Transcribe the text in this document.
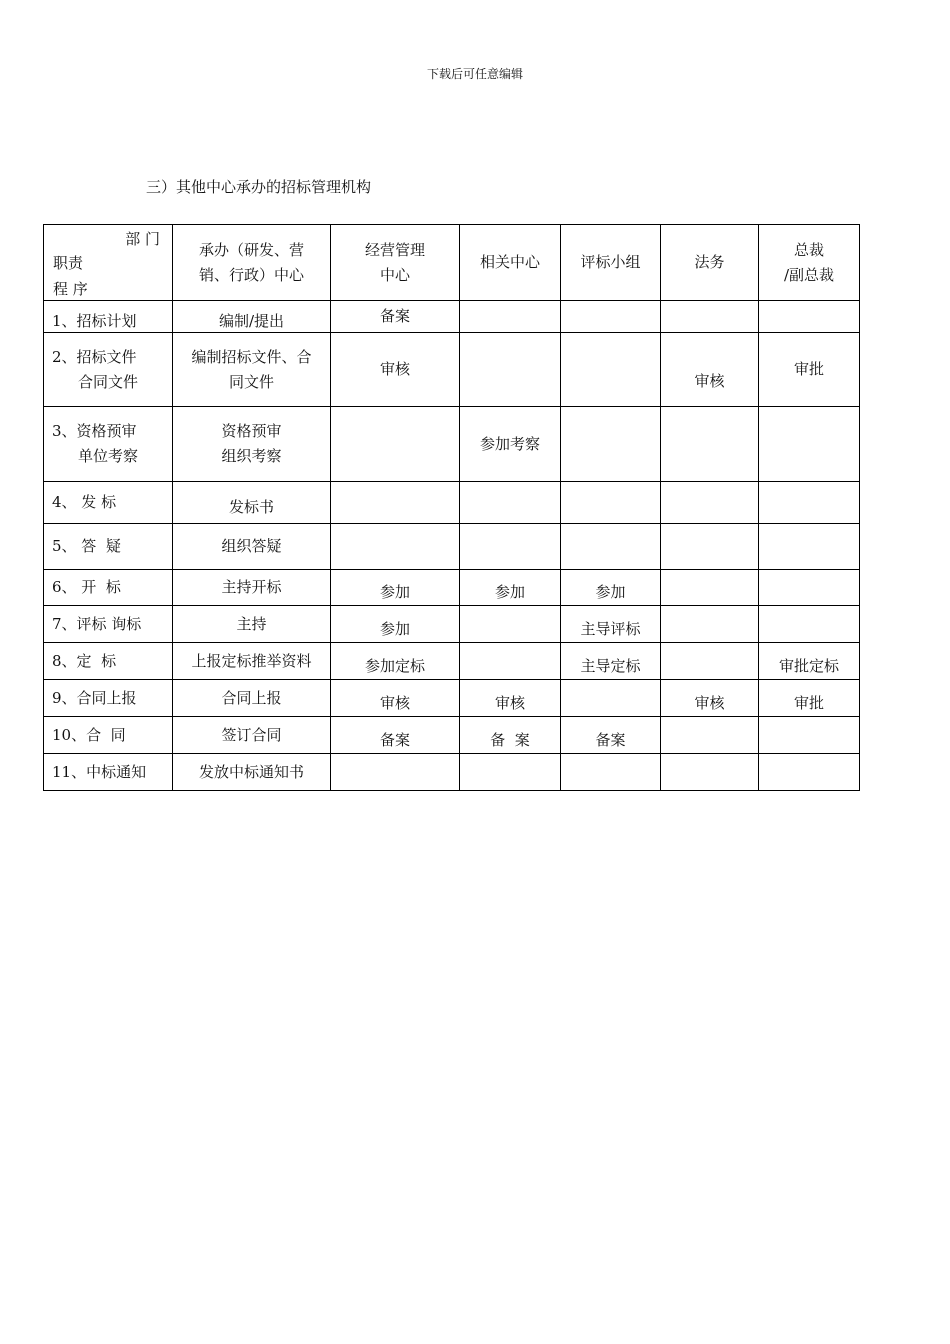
下载后可任意编辑
三）其他中心承办的招标管理机构
部 门
职责
程 序	承办（研发、营
销、行政）中心	经营管理
中心	相关中心	评标小组	法务	总裁
/副总裁

1、招标计划	编制/提出	备案				

2、招标文件
合同文件	编制招标文件、合
同文件	审核			审核	审批

3、资格预审
单位考察	资格预审
组织考察		参加考察			
4、 发 标	发标书					
5、 答  疑	组织答疑					
6、 开  标	主持开标	参加	参加	参加		
7、评标 询标	主持	参加		主导评标		
8、定  标	上报定标推举资料	参加定标		主导定标		审批定标
9、合同上报	合同上报	审核	审核		审核	审批
10、合  同	签订合同	备案	备  案	备案		
11、中标通知	发放中标通知书					
